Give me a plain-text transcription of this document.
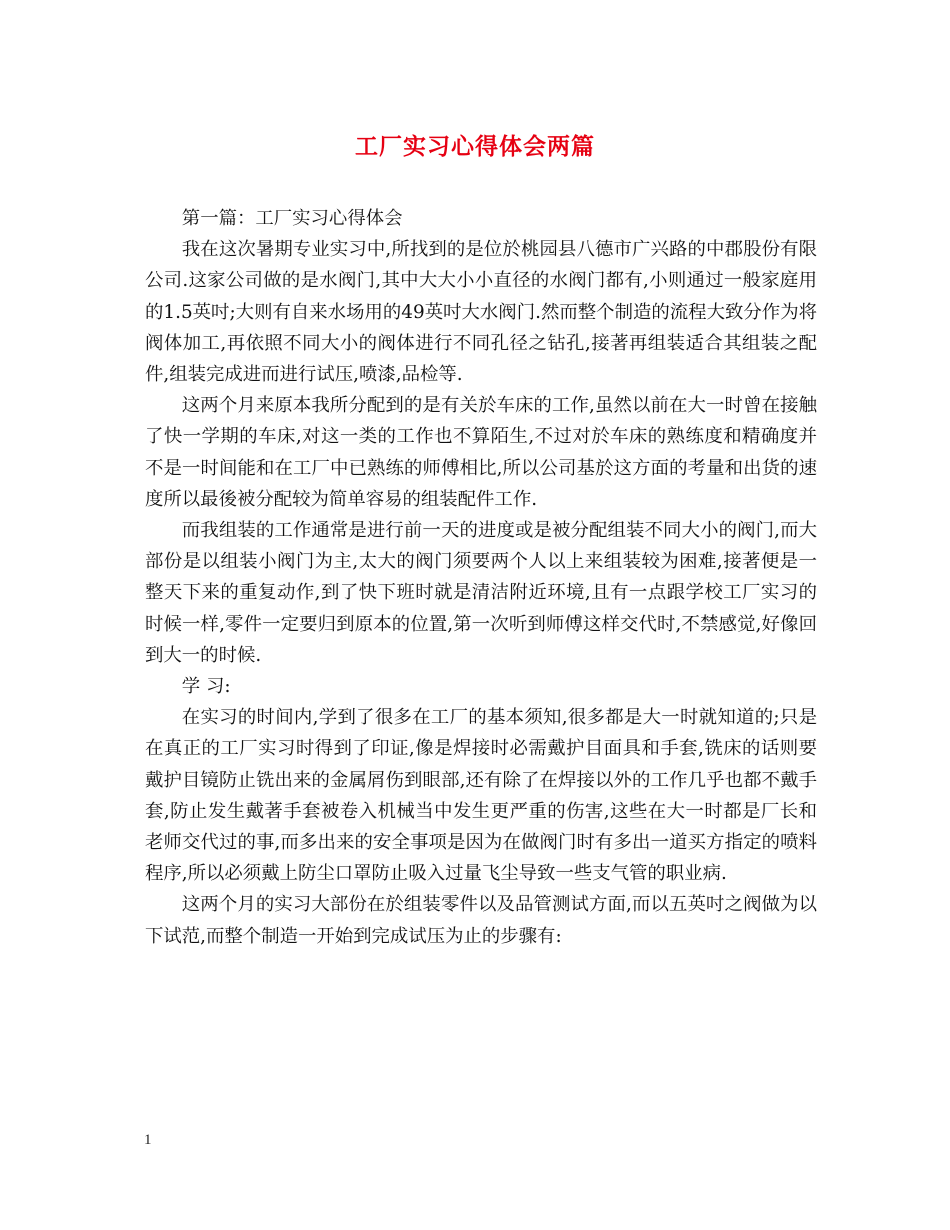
工厂实习心得体会两篇

第一篇：工厂实习心得体会

我在这次暑期专业实习中,所找到的是位於桃园县八德市广兴路的中郡股份有限公司.这家公司做的是水阀门,其中大大小小直径的水阀门都有,小则通过一般家庭用的1.5英吋;大则有自来水场用的49英吋大水阀门.然而整个制造的流程大致分作为将阀体加工,再依照不同大小的阀体进行不同孔径之钻孔,接著再组装适合其组装之配件,组装完成进而进行试压,喷漆,品检等.

这两个月来原本我所分配到的是有关於车床的工作,虽然以前在大一时曾在接触了快一学期的车床,对这一类的工作也不算陌生,不过对於车床的熟练度和精确度并不是一时间能和在工厂中已熟练的师傅相比,所以公司基於这方面的考量和出货的速度所以最後被分配较为简单容易的组装配件工作.

而我组装的工作通常是进行前一天的进度或是被分配组装不同大小的阀门,而大部份是以组装小阀门为主,太大的阀门须要两个人以上来组装较为困难,接著便是一整天下来的重复动作,到了快下班时就是清洁附近环境,且有一点跟学校工厂实习的时候一样,零件一定要归到原本的位置,第一次听到师傅这样交代时,不禁感觉,好像回到大一的时候.

学 习:

在实习的时间内,学到了很多在工厂的基本须知,很多都是大一时就知道的;只是在真正的工厂实习时得到了印证,像是焊接时必需戴护目面具和手套,铣床的话则要戴护目镜防止铣出来的金属屑伤到眼部,还有除了在焊接以外的工作几乎也都不戴手套,防止发生戴著手套被卷入机械当中发生更严重的伤害,这些在大一时都是厂长和老师交代过的事,而多出来的安全事项是因为在做阀门时有多出一道买方指定的喷料程序,所以必须戴上防尘口罩防止吸入过量飞尘导致一些支气管的职业病.

这两个月的实习大部份在於组装零件以及品管测试方面,而以五英吋之阀做为以下试范,而整个制造一开始到完成试压为止的步骤有:

1
